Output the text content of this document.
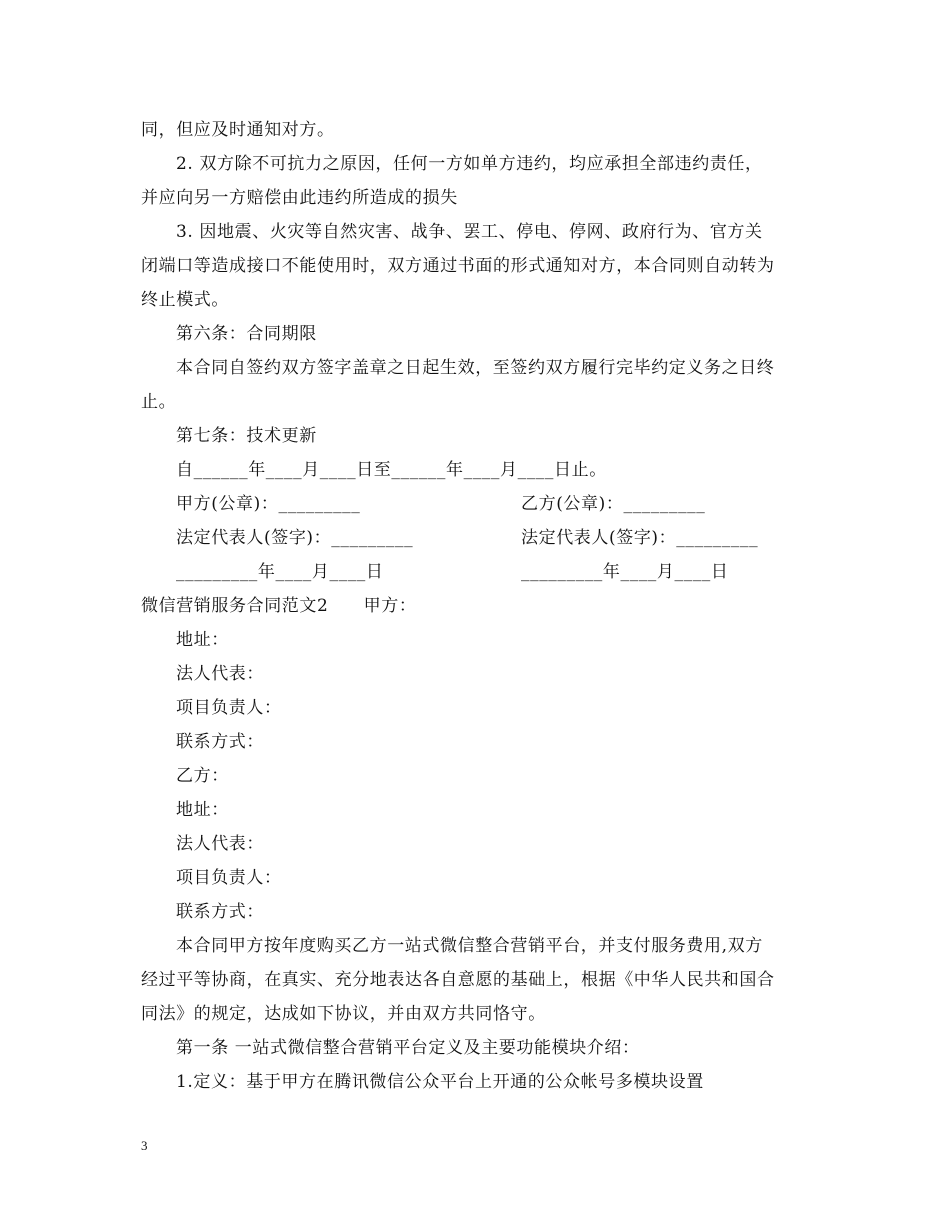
同，但应及时通知对方。
2. 双方除不可抗力之原因，任何一方如单方违约，均应承担全部违约责任，
并应向另一方赔偿由此违约所造成的损失
3. 因地震、火灾等自然灾害、战争、罢工、停电、停网、政府行为、官方关
闭端口等造成接口不能使用时，双方通过书面的形式通知对方，本合同则自动转为
终止模式。
第六条：合同期限
本合同自签约双方签字盖章之日起生效，至签约双方履行完毕约定义务之日终
止。
第七条：技术更新
自______年____月____日至______年____月____日止。
甲方(公章)：_________	乙方(公章)：_________
法定代表人(签字)：_________	法定代表人(签字)：_________
_________年____月____日	_________年____月____日
微信营销服务合同范文2　　甲方：
地址：
法人代表：
项目负责人：
联系方式：
乙方：
地址：
法人代表：
项目负责人：
联系方式：
本合同甲方按年度购买乙方一站式微信整合营销平台，并支付服务费用,双方
经过平等协商，在真实、充分地表达各自意愿的基础上，根据《中华人民共和国合
同法》的规定，达成如下协议，并由双方共同恪守。
第一条 一站式微信整合营销平台定义及主要功能模块介绍：
1.定义：基于甲方在腾讯微信公众平台上开通的公众帐号多模块设置
3
